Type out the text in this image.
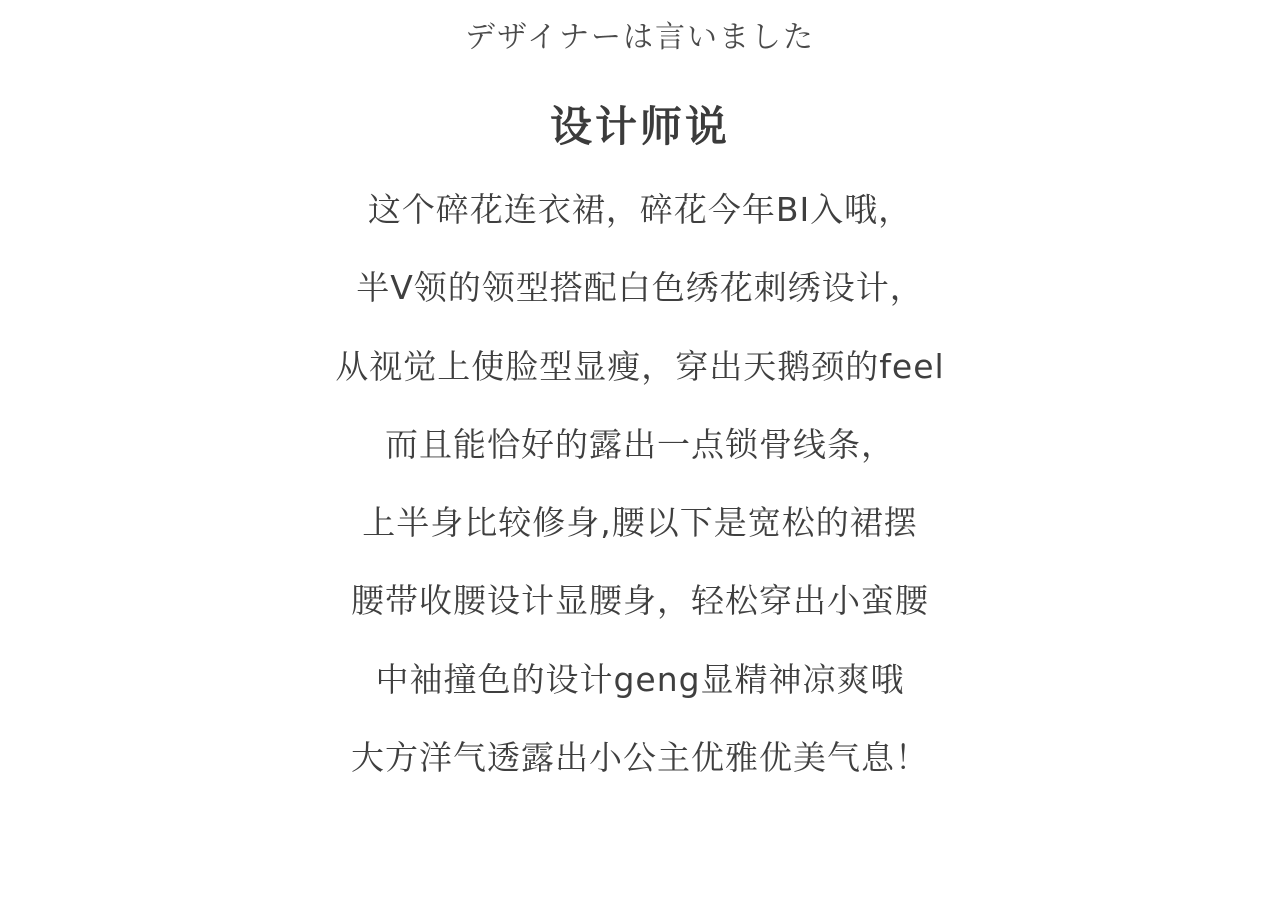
デザイナーは言いました
设计师说
这个碎花连衣裙，碎花今年BI入哦，
半V领的领型搭配白色绣花刺绣设计，
从视觉上使脸型显瘦，穿出天鹅颈的feel
而且能恰好的露出一点锁骨线条，
上半身比较修身,腰以下是宽松的裙摆
腰带收腰设计显腰身，轻松穿出小蛮腰
中袖撞色的设计geng显精神凉爽哦
大方洋气透露出小公主优雅优美气息！
